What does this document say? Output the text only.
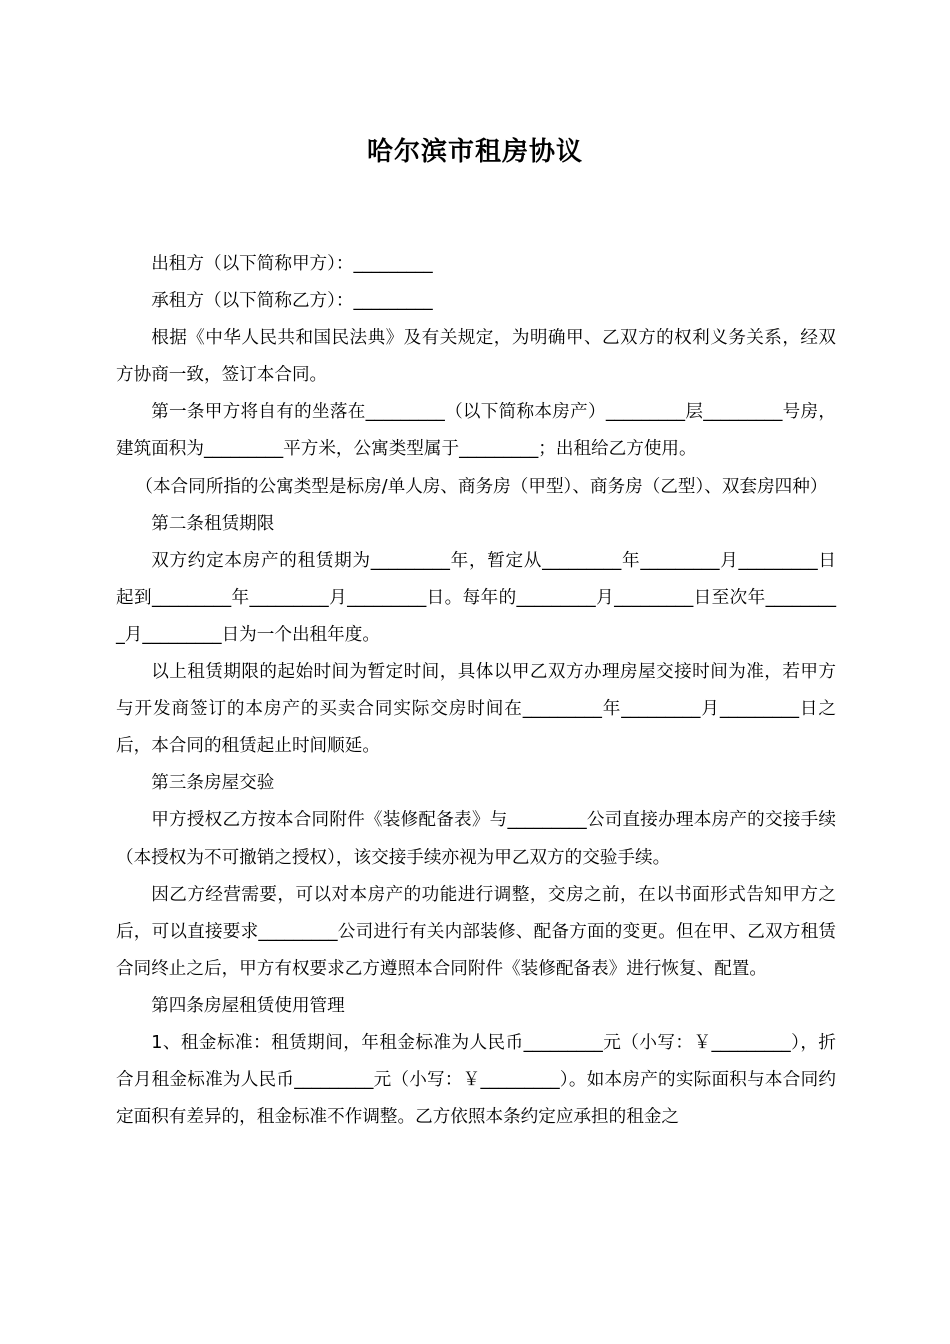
哈尔滨市租房协议

出租方（以下简称甲方）：_________

承租方（以下简称乙方）：_________

根据《中华人民共和国民法典》及有关规定，为明确甲、乙双方的权利义务关系，经双方协商一致，签订本合同。

第一条甲方将自有的坐落在_________（以下简称本房产）_________层_________号房，建筑面积为_________平方米，公寓类型属于_________；出租给乙方使用。

（本合同所指的公寓类型是标房/单人房、商务房（甲型）、商务房（乙型）、双套房四种）

第二条租赁期限

双方约定本房产的租赁期为_________年，暂定从_________年_________月_________日起到_________年_________月_________日。每年的_________月_________日至次年_________月_________日为一个出租年度。

以上租赁期限的起始时间为暂定时间，具体以甲乙双方办理房屋交接时间为准，若甲方与开发商签订的本房产的买卖合同实际交房时间在_________年_________月_________日之后，本合同的租赁起止时间顺延。

第三条房屋交验

甲方授权乙方按本合同附件《装修配备表》与_________公司直接办理本房产的交接手续（本授权为不可撤销之授权），该交接手续亦视为甲乙双方的交验手续。

因乙方经营需要，可以对本房产的功能进行调整，交房之前，在以书面形式告知甲方之后，可以直接要求_________公司进行有关内部装修、配备方面的变更。但在甲、乙双方租赁合同终止之后，甲方有权要求乙方遵照本合同附件《装修配备表》进行恢复、配置。

第四条房屋租赁使用管理

1、租金标准：租赁期间，年租金标准为人民币_________元（小写：￥_________），折合月租金标准为人民币_________元（小写：￥_________）。如本房产的实际面积与本合同约定面积有差异的，租金标准不作调整。乙方依照本条约定应承担的租金之
